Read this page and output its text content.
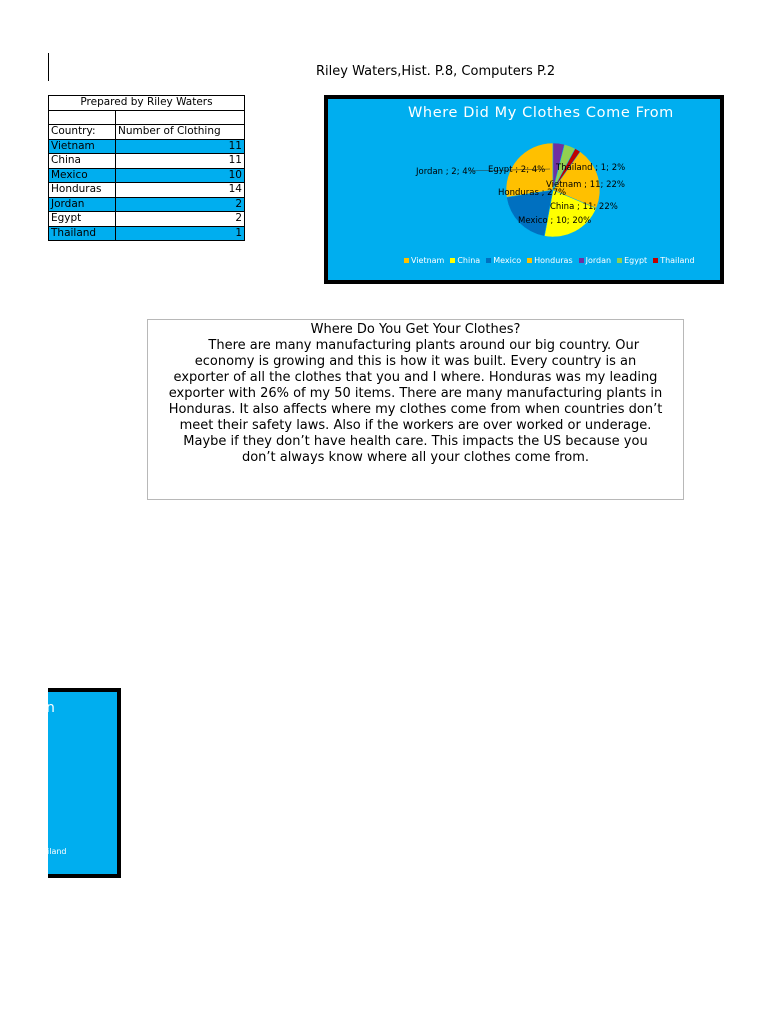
Riley Waters,Hist. P.8, Computers P.2
Prepared by Riley Waters	

Country:	Number of Clothing
Vietnam	11
China	11
Mexico	10
Honduras	14
Jordan	2
Egypt	2
Thailand	1
Where Did My Clothes Come From
Vietnam ; 11; 22%
China ; 11; 22%
Mexico ; 10; 20%
Honduras ; 27%
Jordan ; 2; 4% Egypt ; 2; 4% Thailand ; 1; 2%
Vietnam China Mexico Honduras Jordan Egypt Thailand
n
iland
Where Do You Get Your Clothes?
There are many manufacturing plants around our big country. Our
economy is growing and this is how it was built. Every country is an
exporter of all the clothes that you and I where. Honduras was my leading
exporter with 26% of my 50 items. There are many manufacturing plants in
Honduras. It also affects where my clothes come from when countries don’t
meet their safety laws. Also if the workers are over worked or underage.
Maybe if they don’t have health care. This impacts the US because you
don’t always know where all your clothes come from.
